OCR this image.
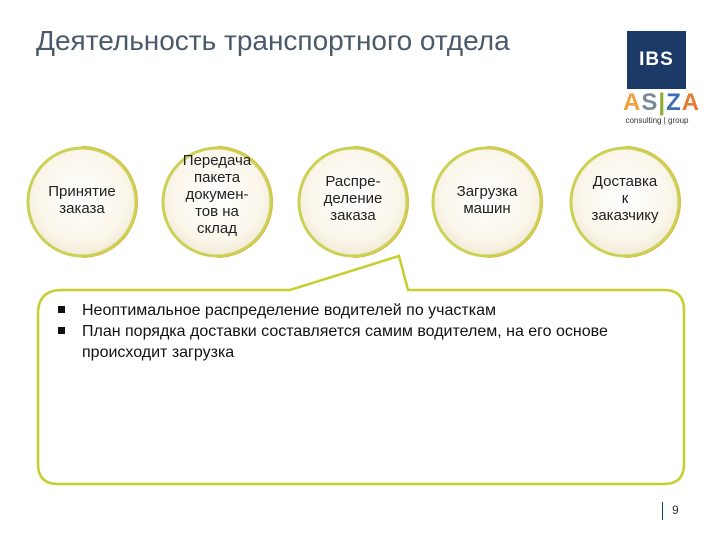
Деятельность транспортного отдела
IBS
AS|ZA
consulting | group
Принятие
заказа
Передача
пакета
докумен-
тов на
склад
Распре-
деление
заказа
Загрузка
машин
Доставка
к
заказчику
Неоптимальное распределение водителей по участкам
План порядка доставки составляется самим водителем, на его основе происходит загрузка
9
